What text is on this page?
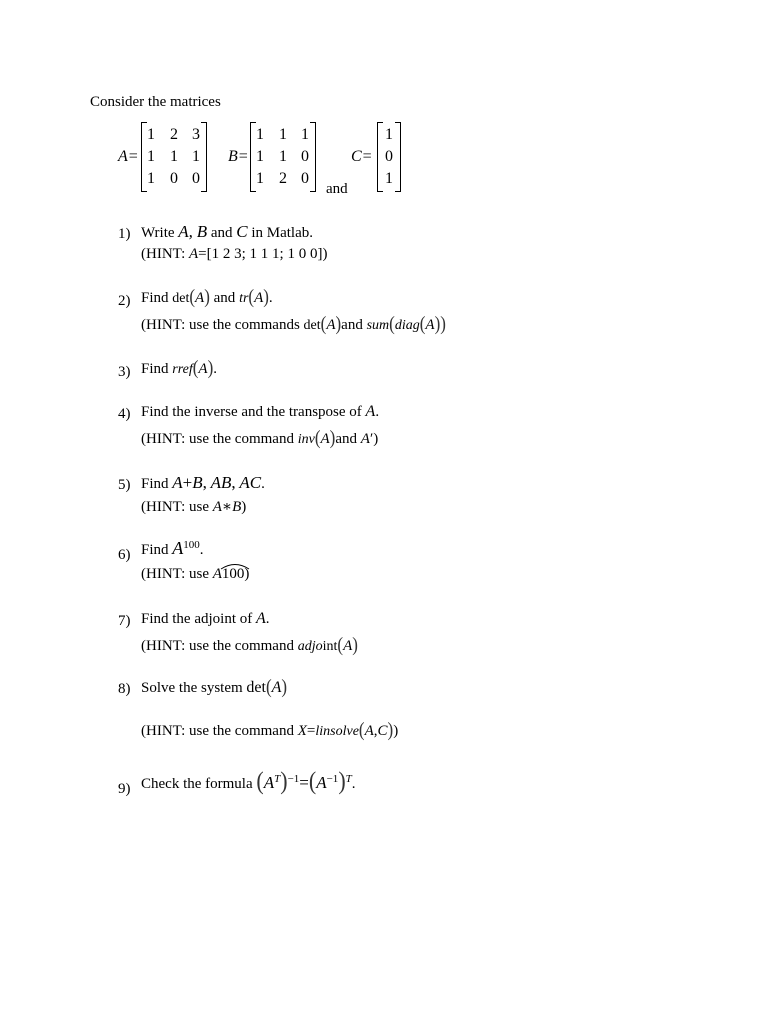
Consider the matrices
A=
1 2 3
1 1 1
1 0 0
B=
1 1 1
1 1 0
1 2 0
and
C=
1
0
1
1) Write A, B and C in Matlab.
(HINT: A=[1 2 3; 1 1 1; 1 0 0])
2) Find det(A) and tr(A).
(HINT: use the commands det(A)and sum(diag(A))
3) Find rref(A).
4) Find the inverse and the transpose of A.
(HINT: use the command inv(A)and A′)
5) Find A+B, AB, AC.
(HINT: use A∗B)
6) Find $A^{100}$.
(HINT: use A100
)
7) Find the adjoint of A.
(HINT: use the command adjoint(A)
8) Solve the system det(A)
(HINT: use the command X=linsolve(A,C))
9) Check the formula $(A^T)^{-1}=(A^{-1})^T$.
